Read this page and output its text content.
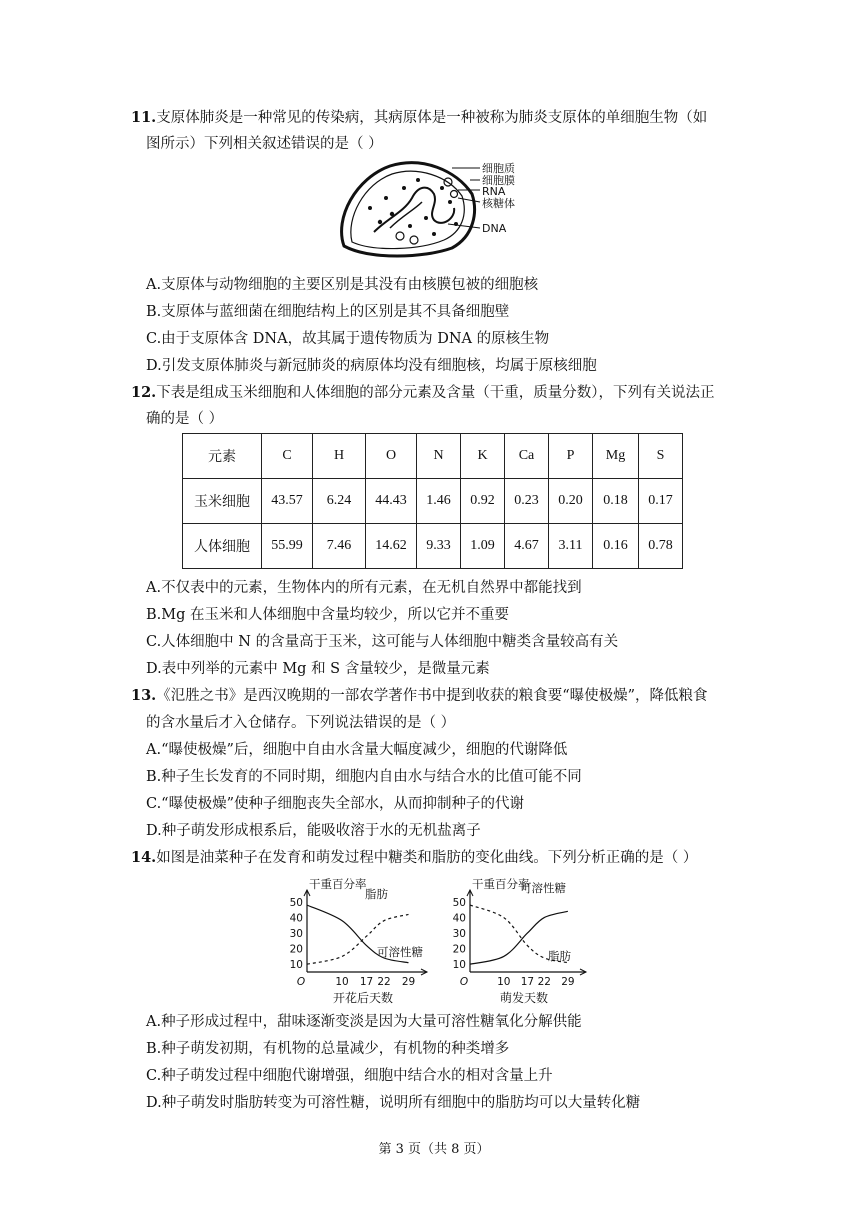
11.支原体肺炎是一种常见的传染病，其病原体是一种被称为肺炎支原体的单细胞生物（如
图所示）下列相关叙述错误的是（ ）
细胞质
细胞膜
RNA
核糖体
DNA
A.支原体与动物细胞的主要区别是其没有由核膜包被的细胞核
B.支原体与蓝细菌在细胞结构上的区别是其不具备细胞壁
C.由于支原体含 DNA，故其属于遗传物质为 DNA 的原核生物
D.引发支原体肺炎与新冠肺炎的病原体均没有细胞核，均属于原核细胞
12.下表是组成玉米细胞和人体细胞的部分元素及含量（干重，质量分数），下列有关说法正
确的是（ ）
元素	C	H	O	N	K	Ca	P	Mg	S
玉米细胞	43.57	6.24	44.43	1.46	0.92	0.23	0.20	0.18	0.17
人体细胞	55.99	7.46	14.62	9.33	1.09	4.67	3.11	0.16	0.78
A.不仅表中的元素，生物体内的所有元素，在无机自然界中都能找到
B.Mg 在玉米和人体细胞中含量均较少，所以它并不重要
C.人体细胞中 N 的含量高于玉米，这可能与人体细胞中糖类含量较高有关
D.表中列举的元素中 Mg 和 S 含量较少，是微量元素
13.《氾胜之书》是西汉晚期的一部农学著作书中提到收获的粮食要“曝使极燥”，降低粮食
的含水量后才入仓储存。下列说法错误的是（ ）
A.“曝使极燥”后，细胞中自由水含量大幅度减少，细胞的代谢降低
B.种子生长发育的不同时期，细胞内自由水与结合水的比值可能不同
C.“曝使极燥”使种子细胞丧失全部水，从而抑制种子的代谢
D.种子萌发形成根系后，能吸收溶于水的无机盐离子
14.如图是油菜种子在发育和萌发过程中糖类和脂肪的变化曲线。下列分析正确的是（ ）
干重百分率
50
40
30
20
10
O	10 17 22 29
开花后天数
脂肪
可溶性糖
干重百分率
50
40
30
20
10
O	10 17 22 29
萌发天数
可溶性糖
脂肪
A.种子形成过程中，甜味逐渐变淡是因为大量可溶性糖氧化分解供能
B.种子萌发初期，有机物的总量减少，有机物的种类增多
C.种子萌发过程中细胞代谢增强，细胞中结合水的相对含量上升
D.种子萌发时脂肪转变为可溶性糖，说明所有细胞中的脂肪均可以大量转化糖
第 3 页（共 8 页）
